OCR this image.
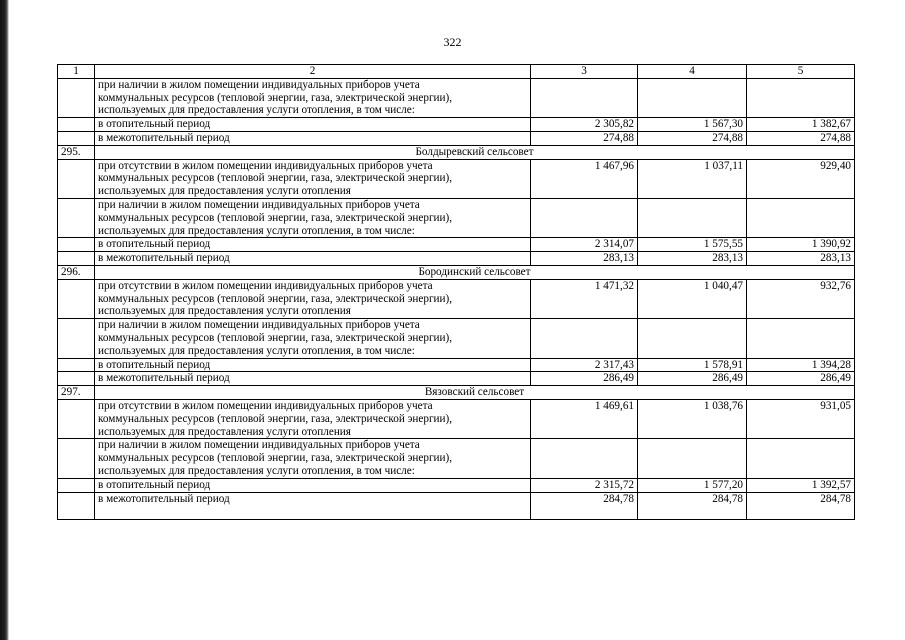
322
1	2	3	4	5

	при наличии в жилом помещении индивидуальных приборов учета
коммунальных ресурсов (тепловой энергии, газа, электрической энергии),
используемых для предоставления услуги отопления, в том числе:			

	в отопительный период	2 305,82	1 567,30	1 382,67
	в межотопительный период	274,88	274,88	274,88
295.	Болдыревский сельсовет			

	при отсутствии в жилом помещении индивидуальных приборов учета
коммунальных ресурсов (тепловой энергии, газа, электрической энергии),
используемых для предоставления услуги отопления	1 467,96	1 037,11	929,40

	при наличии в жилом помещении индивидуальных приборов учета
коммунальных ресурсов (тепловой энергии, газа, электрической энергии),
используемых для предоставления услуги отопления, в том числе:			

	в отопительный период	2 314,07	1 575,55	1 390,92
	в межотопительный период	283,13	283,13	283,13
296.	Бородинский сельсовет			

	при отсутствии в жилом помещении индивидуальных приборов учета
коммунальных ресурсов (тепловой энергии, газа, электрической энергии),
используемых для предоставления услуги отопления	1 471,32	1 040,47	932,76

	при наличии в жилом помещении индивидуальных приборов учета
коммунальных ресурсов (тепловой энергии, газа, электрической энергии),
используемых для предоставления услуги отопления, в том числе:			

	в отопительный период	2 317,43	1 578,91	1 394,28
	в межотопительный период	286,49	286,49	286,49
297.	Вязовский сельсовет			

	при отсутствии в жилом помещении индивидуальных приборов учета
коммунальных ресурсов (тепловой энергии, газа, электрической энергии),
используемых для предоставления услуги отопления	1 469,61	1 038,76	931,05

	при наличии в жилом помещении индивидуальных приборов учета
коммунальных ресурсов (тепловой энергии, газа, электрической энергии),
используемых для предоставления услуги отопления, в том числе:			

	в отопительный период	2 315,72	1 577,20	1 392,57
	в межотопительный период	284,78	284,78	284,78
